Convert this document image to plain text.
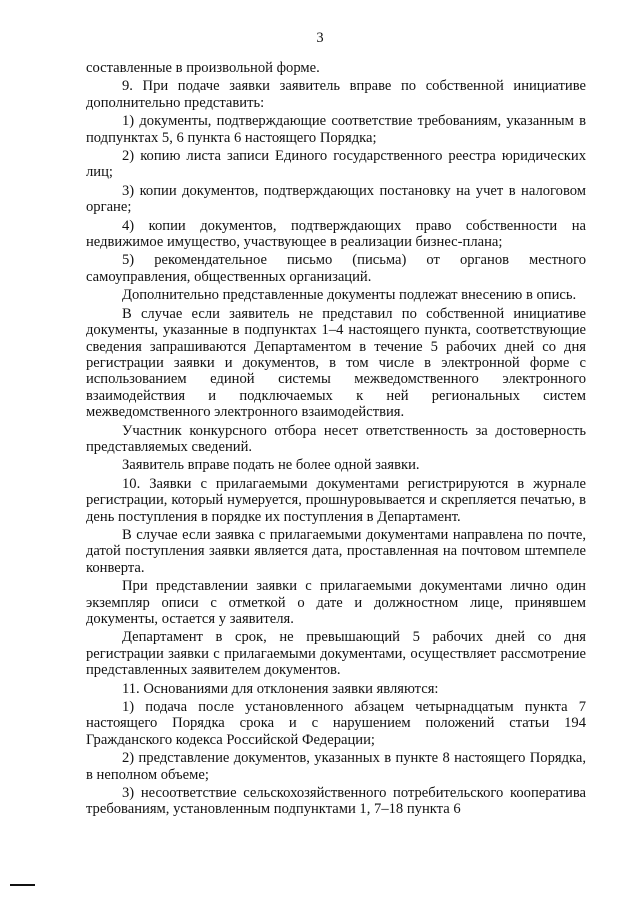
3

составленные в произвольной форме.

9. При подаче заявки заявитель вправе по собственной инициативе дополнительно представить:

1) документы, подтверждающие соответствие требованиям, указанным в подпунктах 5, 6 пункта 6 настоящего Порядка;

2) копию листа записи Единого государственного реестра юридических лиц;

3) копии документов, подтверждающих постановку на учет в налоговом органе;

4) копии документов, подтверждающих право собственности на недвижимое имущество, участвующее в реализации бизнес-плана;

5) рекомендательное письмо (письма) от органов местного самоуправления, общественных организаций.

Дополнительно представленные документы подлежат внесению в опись.

В случае если заявитель не представил по собственной инициативе документы, указанные в подпунктах 1–4 настоящего пункта, соответствующие сведения запрашиваются Департаментом в течение 5 рабочих дней со дня регистрации заявки и документов, в том числе в электронной форме с использованием единой системы межведомственного электронного взаимодействия и подключаемых к ней региональных систем межведомственного электронного взаимодействия.

Участник конкурсного отбора несет ответственность за достоверность представляемых сведений.

Заявитель вправе подать не более одной заявки.

10. Заявки с прилагаемыми документами регистрируются в журнале регистрации, который нумеруется, прошнуровывается и скрепляется печатью, в день поступления в порядке их поступления в Департамент.

В случае если заявка с прилагаемыми документами направлена по почте, датой поступления заявки является дата, проставленная на почтовом штемпеле конверта.

При представлении заявки с прилагаемыми документами лично один экземпляр описи с отметкой о дате и должностном лице, принявшем документы, остается у заявителя.

Департамент в срок, не превышающий 5 рабочих дней со дня регистрации заявки с прилагаемыми документами, осуществляет рассмотрение представленных заявителем документов.

11. Основаниями для отклонения заявки являются:

1) подача после установленного абзацем четырнадцатым пункта 7 настоящего Порядка срока и с нарушением положений статьи 194 Гражданского кодекса Российской Федерации;

2) представление документов, указанных в пункте 8 настоящего Порядка, в неполном объеме;

3) несоответствие сельскохозяйственного потребительского кооператива требованиям, установленным подпунктами 1, 7–18 пункта 6
